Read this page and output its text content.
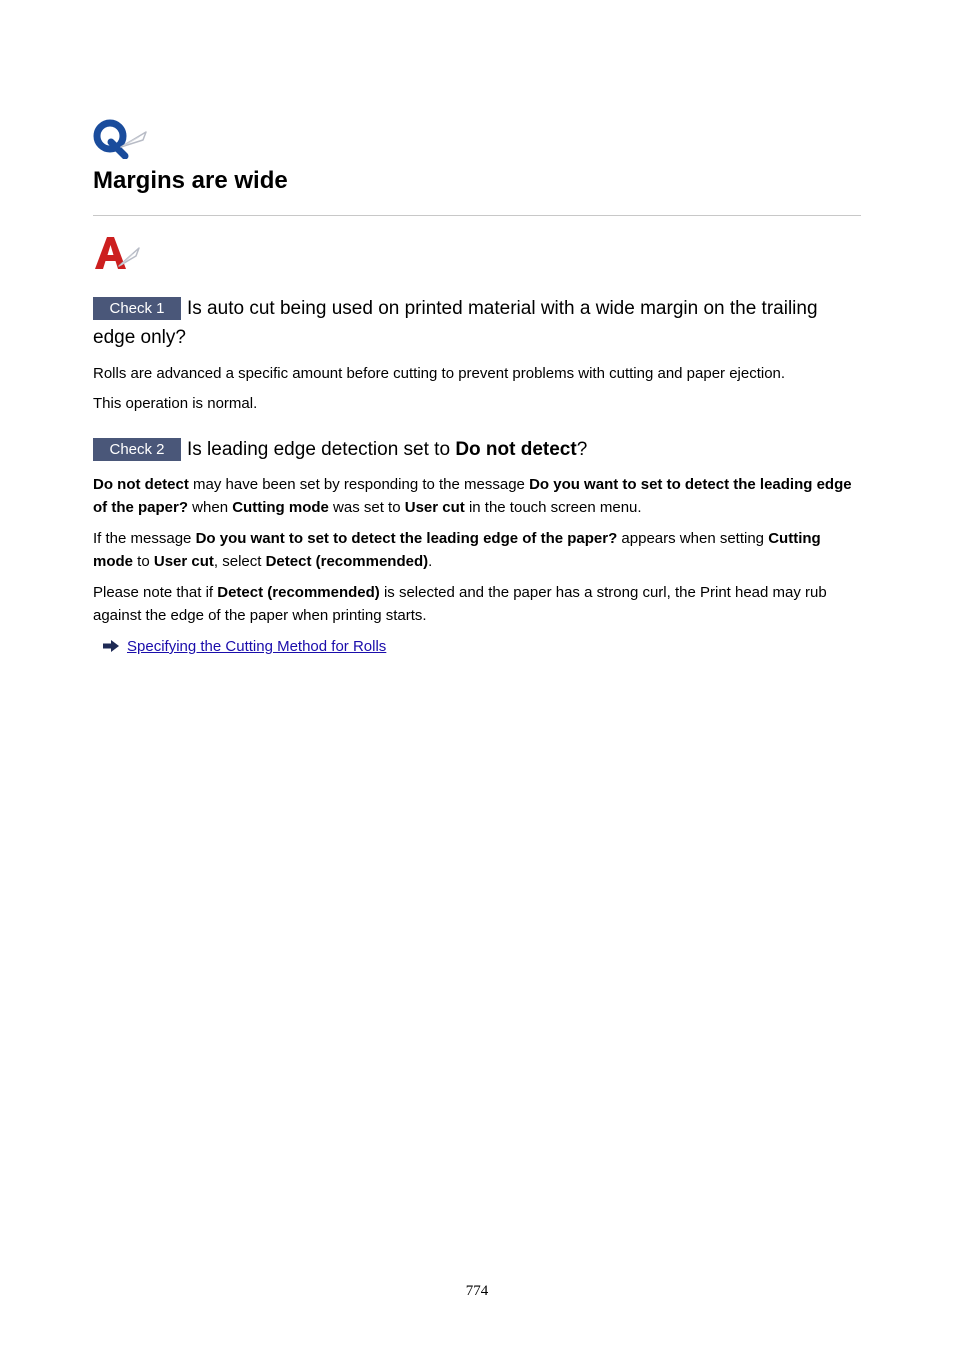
Margins are wide
Check 1 Is auto cut being used on printed material with a wide margin on the trailing edge only?

Rolls are advanced a specific amount before cutting to prevent problems with cutting and paper ejection.

This operation is normal.

Check 2 Is leading edge detection set to Do not detect?

Do not detect may have been set by responding to the message Do you want to set to detect the leading edge of the paper? when Cutting mode was set to User cut in the touch screen menu.

If the message Do you want to set to detect the leading edge of the paper? appears when setting Cutting mode to User cut, select Detect (recommended).

Please note that if Detect (recommended) is selected and the paper has a strong curl, the Print head may rub against the edge of the paper when printing starts.

Specifying the Cutting Method for Rolls
774
